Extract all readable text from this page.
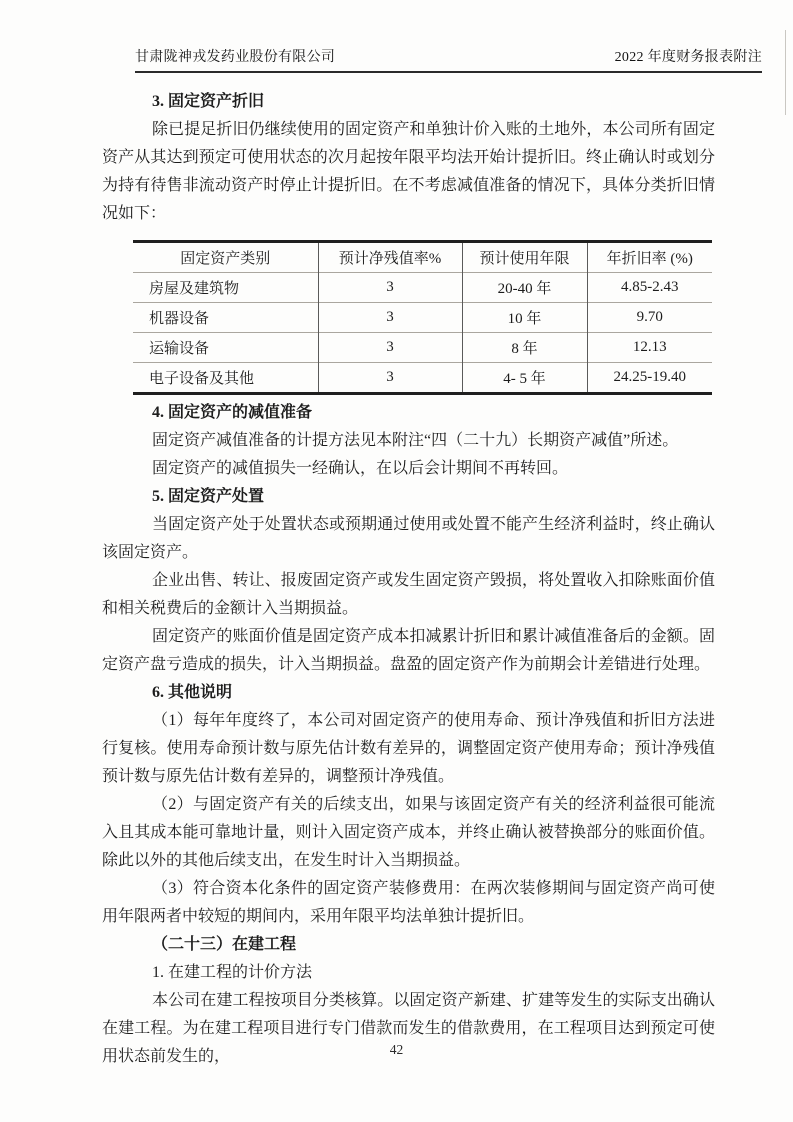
甘肃陇神戎发药业股份有限公司	2022 年度财务报表附注
3. 固定资产折旧

除已提足折旧仍继续使用的固定资产和单独计价入账的土地外，本公司所有固定资产从其达到预定可使用状态的次月起按年限平均法开始计提折旧。终止确认时或划分为持有待售非流动资产时停止计提折旧。在不考虑减值准备的情况下，具体分类折旧情况如下：

固定资产类别	预计净残值率%	预计使用年限	年折旧率 (%)
房屋及建筑物	3	20-40 年	4.85-2.43
机器设备	3	10 年	9.70
运输设备	3	8 年	12.13
电子设备及其他	3	4- 5 年	24.25-19.40
4. 固定资产的减值准备

固定资产减值准备的计提方法见本附注“四（二十九）长期资产减值”所述。

固定资产的减值损失一经确认，在以后会计期间不再转回。

5. 固定资产处置

当固定资产处于处置状态或预期通过使用或处置不能产生经济利益时，终止确认该固定资产。

企业出售、转让、报废固定资产或发生固定资产毁损，将处置收入扣除账面价值和相关税费后的金额计入当期损益。

固定资产的账面价值是固定资产成本扣减累计折旧和累计减值准备后的金额。固定资产盘亏造成的损失，计入当期损益。盘盈的固定资产作为前期会计差错进行处理。

6. 其他说明

（1）每年年度终了，本公司对固定资产的使用寿命、预计净残值和折旧方法进行复核。使用寿命预计数与原先估计数有差异的，调整固定资产使用寿命；预计净残值预计数与原先估计数有差异的，调整预计净残值。

（2）与固定资产有关的后续支出，如果与该固定资产有关的经济利益很可能流入且其成本能可靠地计量，则计入固定资产成本，并终止确认被替换部分的账面价值。除此以外的其他后续支出，在发生时计入当期损益。

（3）符合资本化条件的固定资产装修费用：在两次装修期间与固定资产尚可使用年限两者中较短的期间内，采用年限平均法单独计提折旧。

（二十三）在建工程
1. 在建工程的计价方法

本公司在建工程按项目分类核算。以固定资产新建、扩建等发生的实际支出确认在建工程。为在建工程项目进行专门借款而发生的借款费用，在工程项目达到预定可使用状态前发生的，	42
